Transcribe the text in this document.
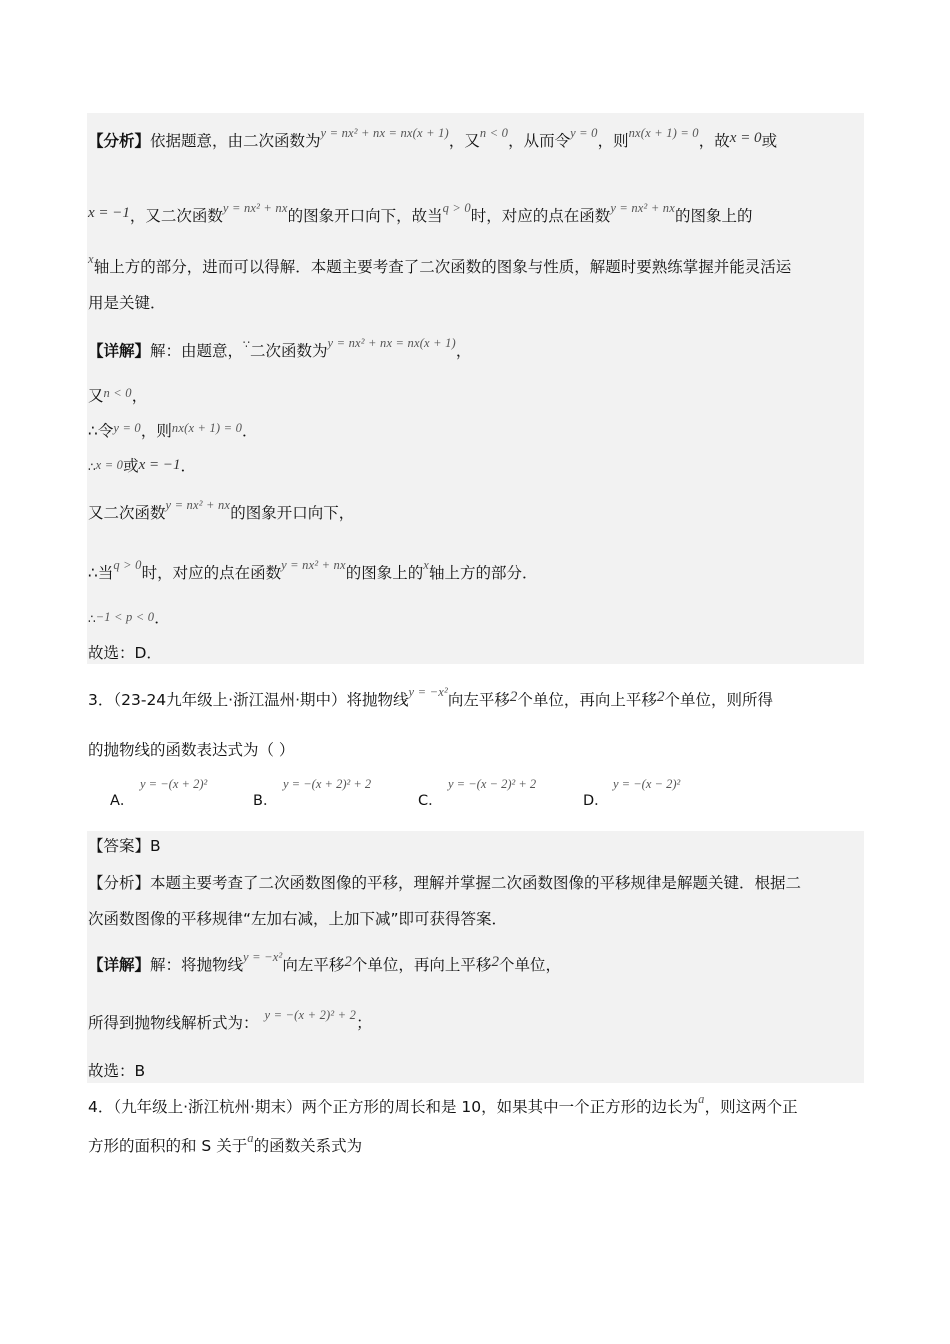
【分析】依据题意，由二次函数为$^{y = nx^2 + nx = nx(x + 1)}$，又$^{n < 0}$，从而令$^{y = 0}$，则$^{nx(x + 1) = 0}$，故x = 0或
x = −1，又二次函数$^{y = nx^2 + nx}$的图象开口向下，故当$^{q > 0}$时，对应的点在函数$^{y = nx^2 + nx}$的图象上的
$^x$轴上方的部分，进而可以得解．本题主要考查了二次函数的图象与性质，解题时要熟练掌握并能灵活运
用是关键．
【详解】解：由题意，∵二次函数为$^{y = nx^2 + nx = nx(x + 1)}$，
又$^{n < 0}$，
∴令$^{y = 0}$，则$^{nx(x + 1) = 0}$．
∴x = 0或x = −1．
又二次函数$^{y = nx^2 + nx}$的图象开口向下，
∴当$^{q > 0}$时，对应的点在函数$^{y = nx^2 + nx}$的图象上的$^x$轴上方的部分．
∴−1 < p < 0．
故选：D．
3．（23-24九年级上·浙江温州·期中）将抛物线$^{y = -x^2}$向左平移2个单位，再向上平移2个单位，则所得
的抛物线的函数表达式为（ ）
A．
y = −(x + 2)²
B．
y = −(x + 2)² + 2
C．
y = −(x − 2)² + 2
D．
y = −(x − 2)²
【答案】B
【分析】本题主要考查了二次函数图像的平移，理解并掌握二次函数图像的平移规律是解题关键．根据二
次函数图像的平移规律“左加右减，上加下减”即可获得答案．
【详解】解：将抛物线$^{y = -x^2}$向左平移2个单位，再向上平移2个单位，
所得到抛物线解析式为： $^{y = -(x + 2)^2 + 2}$；
故选：B
4．（九年级上·浙江杭州·期末）两个正方形的周长和是 10，如果其中一个正方形的边长为$^a$，则这两个正
方形的面积的和 S 关于$^a$的函数关系式为
